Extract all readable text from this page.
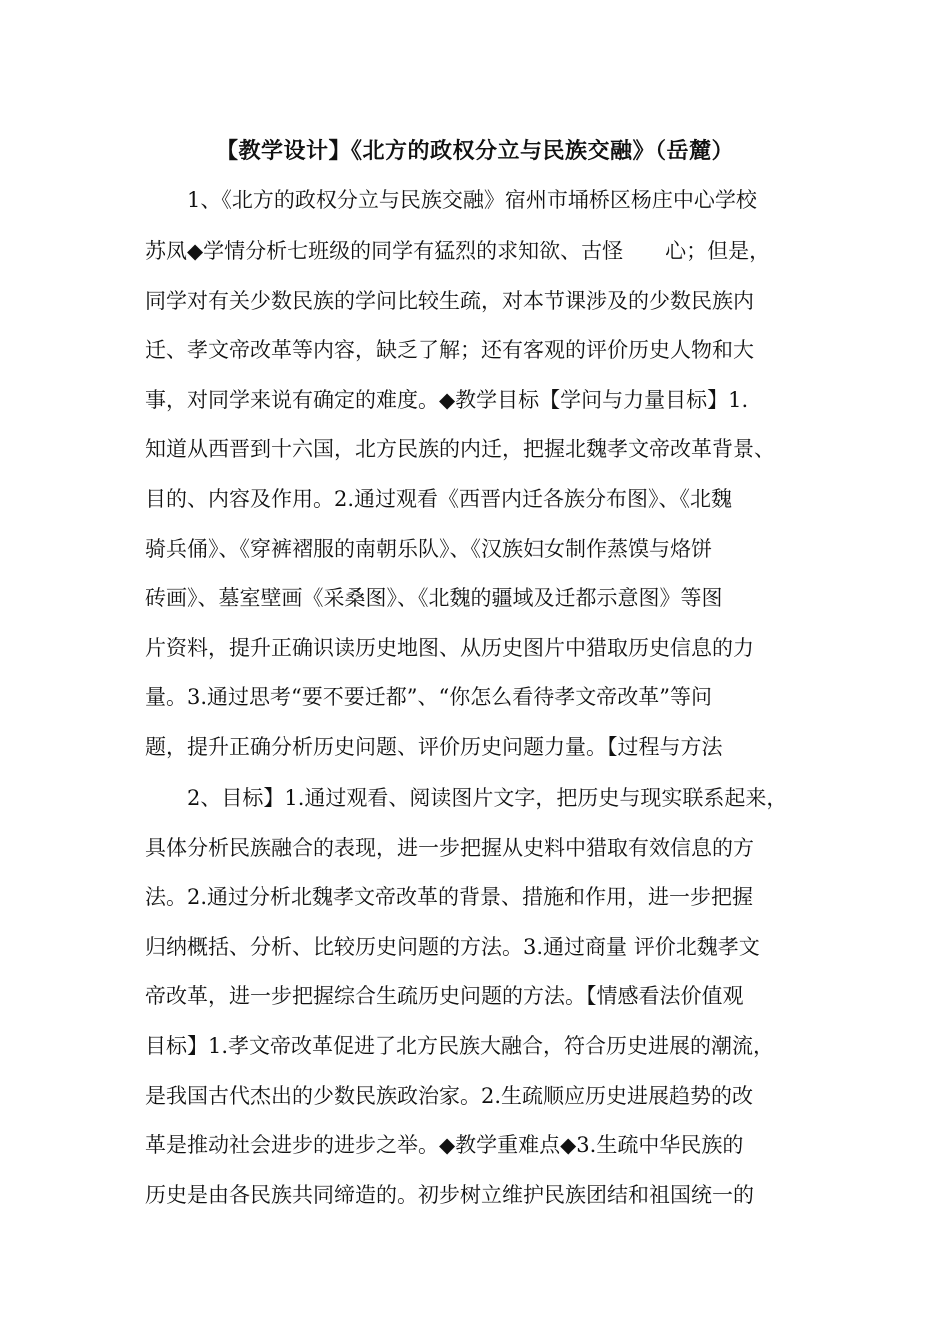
【教学设计】《北方的政权分立与民族交融》（岳麓）
1、《北方的政权分立与民族交融》宿州市埇桥区杨庄中心学校
苏凤◆学情分析七班级的同学有猛烈的求知欲、古怪　　心；但是，
同学对有关少数民族的学问比较生疏，对本节课涉及的少数民族内
迁、孝文帝改革等内容，缺乏了解；还有客观的评价历史人物和大
事，对同学来说有确定的难度。◆教学目标【学问与力量目标】1.
知道从西晋到十六国，北方民族的内迁，把握北魏孝文帝改革背景、
目的、内容及作用。2.通过观看《西晋内迁各族分布图》、《北魏
骑兵俑》、《穿裤褶服的南朝乐队》、《汉族妇女制作蒸馍与烙饼
砖画》、墓室壁画《采桑图》、《北魏的疆域及迁都示意图》等图
片资料，提升正确识读历史地图、从历史图片中猎取历史信息的力
量。3.通过思考“要不要迁都”、“你怎么看待孝文帝改革”等问
题，提升正确分析历史问题、评价历史问题力量。【过程与方法
2、目标】1.通过观看、阅读图片文字，把历史与现实联系起来，
具体分析民族融合的表现，进一步把握从史料中猎取有效信息的方
法。2.通过分析北魏孝文帝改革的背景、措施和作用，进一步把握
归纳概括、分析、比较历史问题的方法。3.通过商量 评价北魏孝文
帝改革，进一步把握综合生疏历史问题的方法。【情感看法价值观
目标】1.孝文帝改革促进了北方民族大融合，符合历史进展的潮流，
是我国古代杰出的少数民族政治家。2.生疏顺应历史进展趋势的改
革是推动社会进步的进步之举。◆教学重难点◆3.生疏中华民族的
历史是由各民族共同缔造的。初步树立维护民族团结和祖国统一的
